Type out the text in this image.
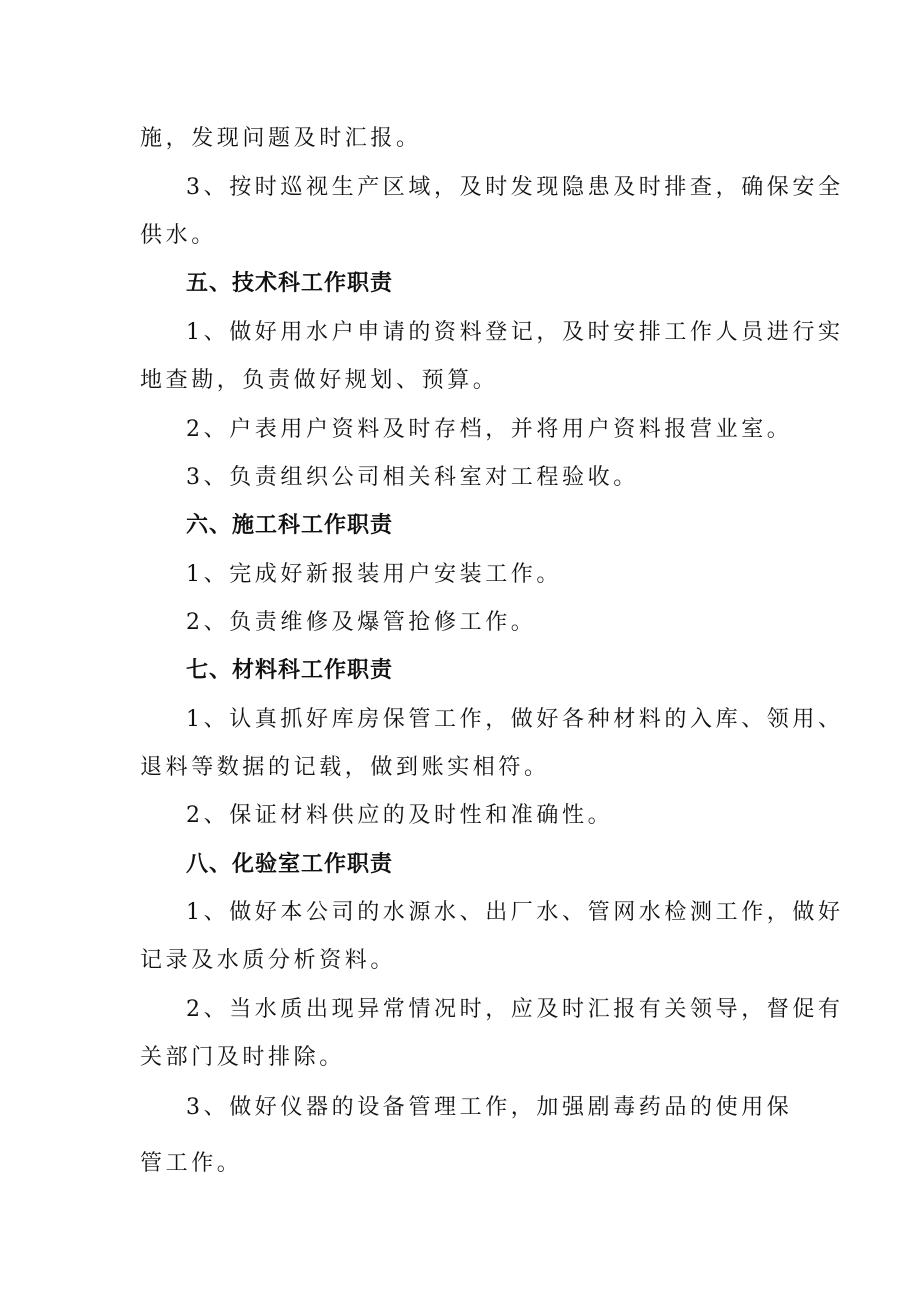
施，发现问题及时汇报。
3、按时巡视生产区域，及时发现隐患及时排查，确保安全
供水。
五、技术科工作职责
1、做好用水户申请的资料登记，及时安排工作人员进行实
地查勘，负责做好规划、预算。
2、户表用户资料及时存档，并将用户资料报营业室。
3、负责组织公司相关科室对工程验收。
六、施工科工作职责
1、完成好新报装用户安装工作。
2、负责维修及爆管抢修工作。
七、材料科工作职责
1、认真抓好库房保管工作，做好各种材料的入库、领用、
退料等数据的记载，做到账实相符。
2、保证材料供应的及时性和准确性。
八、化验室工作职责
1、做好本公司的水源水、出厂水、管网水检测工作，做好
记录及水质分析资料。
2、当水质出现异常情况时，应及时汇报有关领导，督促有
关部门及时排除。
3、做好仪器的设备管理工作，加强剧毒药品的使用保
管工作。
